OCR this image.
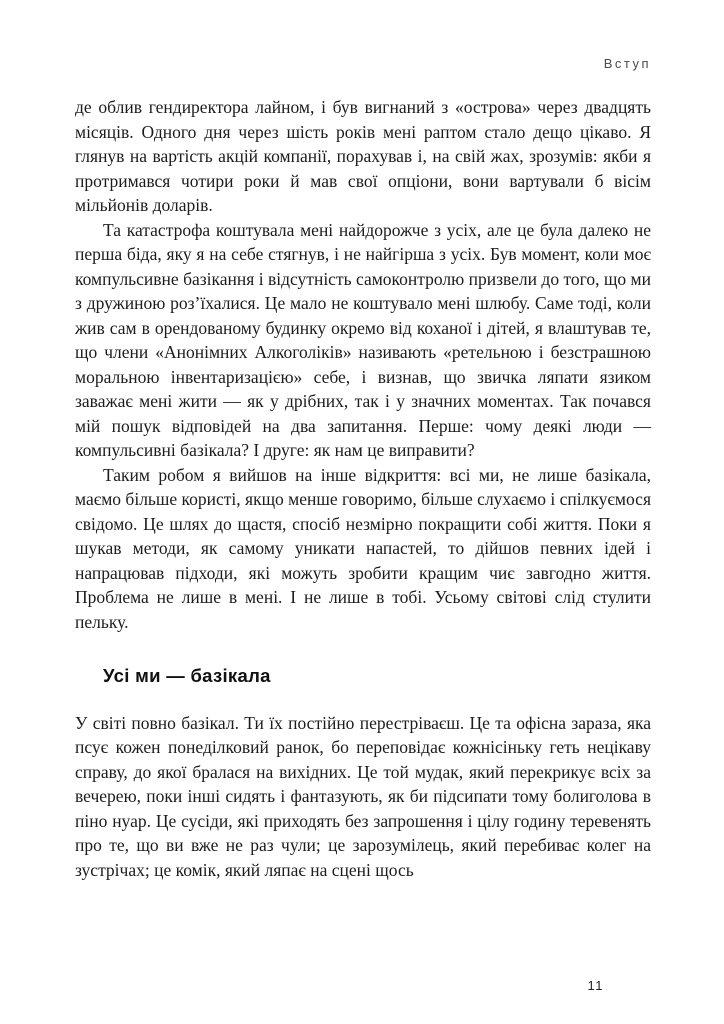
Вступ

де облив гендиректора лайном, і був вигнаний з «острова» через двадцять місяців. Одного дня через шість років мені раптом стало дещо цікаво. Я глянув на вартість акцій компанії, порахував і, на свій жах, зрозумів: якби я протримався чотири роки й мав свої опціони, вони вартували б вісім мільйонів доларів.

Та катастрофа коштувала мені найдорожче з усіх, але це була далеко не перша біда, яку я на себе стягнув, і не найгірша з усіх. Був момент, коли моє компульсивне базікання і відсутність самоконтролю призвели до того, що ми з дружиною роз’їхалися. Це мало не коштувало мені шлюбу. Саме тоді, коли жив сам в орендованому будинку окремо від коханої і дітей, я влаштував те, що члени «Анонімних Алкоголіків» називають «ретельною і безстрашною моральною інвентаризацією» себе, і визнав, що звичка ляпати язиком заважає мені жити — як у дрібних, так і у значних моментах. Так почався мій пошук відповідей на два запитання. Перше: чому деякі люди — компульсивні базікала? І друге: як нам це виправити?

Таким робом я вийшов на інше відкриття: всі ми, не лише базікала, маємо більше користі, якщо менше говоримо, більше слухаємо і спілкуємося свідомо. Це шлях до щастя, спосіб незмірно покращити собі життя. Поки я шукав методи, як самому уникати напастей, то дійшов певних ідей і напрацював підходи, які можуть зробити кращим чиє завгодно життя. Проблема не лише в мені. І не лише в тобі. Усьому світові слід стулити пельку.

Усі ми — базікала

У світі повно базікал. Ти їх постійно перестріваєш. Це та офісна зараза, яка псує кожен понеділковий ранок, бо переповідає кожнісіньку геть нецікаву справу, до якої бралася на вихідних. Це той мудак, який перекрикує всіх за вечерею, поки інші сидять і фантазують, як би підсипати тому болиголова в піно нуар. Це сусіди, які приходять без запрошення і цілу годину теревенять про те, що ви вже не раз чули; це зарозумілець, який перебиває колег на зустрічах; це комік, який ляпає на сцені щось

11
